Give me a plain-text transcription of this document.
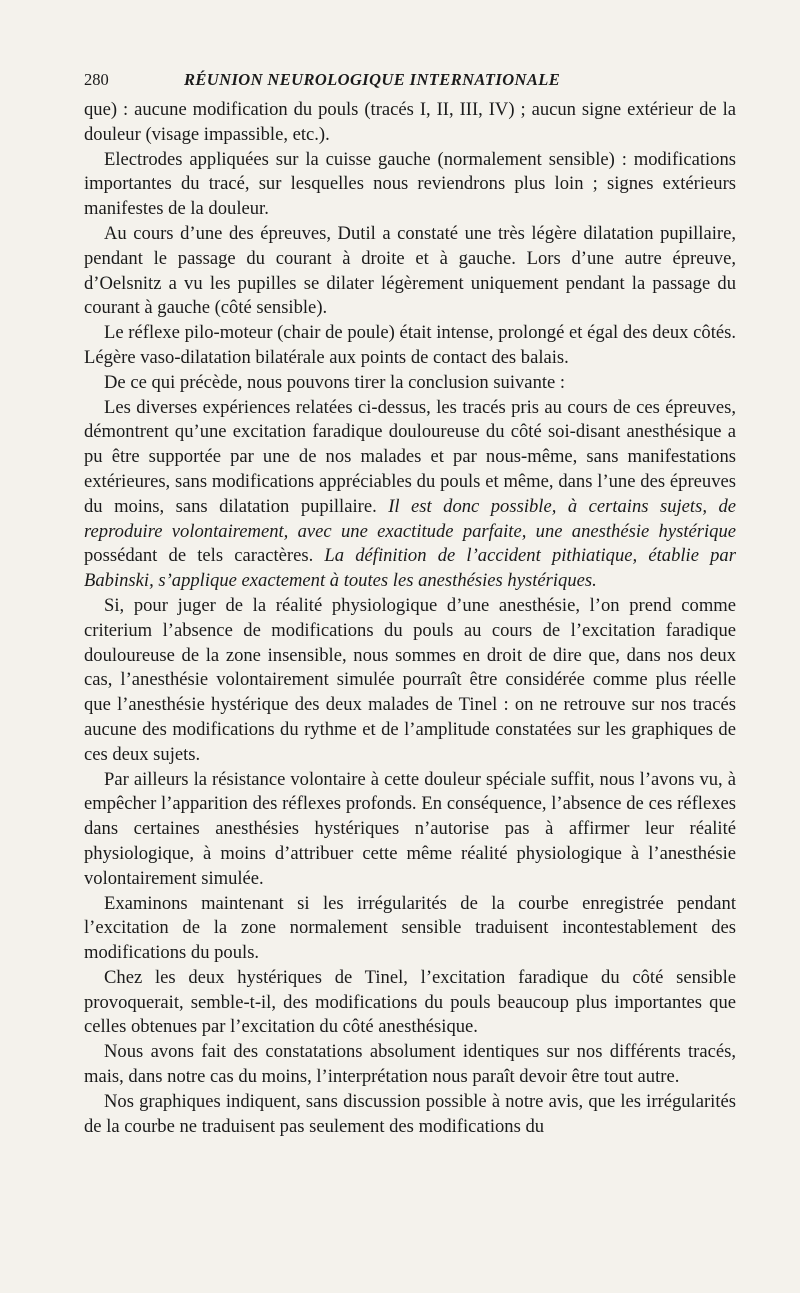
280	RÉUNION NEUROLOGIQUE INTERNATIONALE

que) : aucune modification du pouls (tracés I, II, III, IV) ; aucun signe extérieur de la douleur (visage impassible, etc.).

Electrodes appliquées sur la cuisse gauche (normalement sensible) : modifications importantes du tracé, sur lesquelles nous reviendrons plus loin ; signes extérieurs manifestes de la douleur.

Au cours d’une des épreuves, Dutil a constaté une très légère dilatation pupillaire, pendant le passage du courant à droite et à gauche. Lors d’une autre épreuve, d’Oelsnitz a vu les pupilles se dilater légèrement uniquement pendant la passage du courant à gauche (côté sensible).

Le réflexe pilo-moteur (chair de poule) était intense, prolongé et égal des deux côtés. Légère vaso-dilatation bilatérale aux points de contact des balais.

De ce qui précède, nous pouvons tirer la conclusion suivante :

Les diverses expériences relatées ci-dessus, les tracés pris au cours de ces épreuves, démontrent qu’une excitation faradique douloureuse du côté soi-disant anesthésique a pu être supportée par une de nos malades et par nous-même, sans manifestations extérieures, sans modifications appréciables du pouls et même, dans l’une des épreuves du moins, sans dilatation pupillaire. Il est donc possible, à certains sujets, de reproduire volontairement, avec une exactitude parfaite, une anesthésie hystérique possédant de tels caractères. La définition de l’accident pithiatique, établie par Babinski, s’applique exactement à toutes les anesthésies hystériques.

Si, pour juger de la réalité physiologique d’une anesthésie, l’on prend comme criterium l’absence de modifications du pouls au cours de l’excitation faradique douloureuse de la zone insensible, nous sommes en droit de dire que, dans nos deux cas, l’anesthésie volontairement simulée pourraît être considérée comme plus réelle que l’anesthésie hystérique des deux malades de Tinel : on ne retrouve sur nos tracés aucune des modifications du rythme et de l’amplitude constatées sur les graphiques de ces deux sujets.

Par ailleurs la résistance volontaire à cette douleur spéciale suffit, nous l’avons vu, à empêcher l’apparition des réflexes profonds. En conséquence, l’absence de ces réflexes dans certaines anesthésies hystériques n’autorise pas à affirmer leur réalité physiologique, à moins d’attribuer cette même réalité physiologique à l’anesthésie volontairement simulée.

Examinons maintenant si les irrégularités de la courbe enregistrée pendant l’excitation de la zone normalement sensible traduisent incontestablement des modifications du pouls.

Chez les deux hystériques de Tinel, l’excitation faradique du côté sensible provoquerait, semble-t-il, des modifications du pouls beaucoup plus importantes que celles obtenues par l’excitation du côté anesthésique.

Nous avons fait des constatations absolument identiques sur nos différents tracés, mais, dans notre cas du moins, l’interprétation nous paraît devoir être tout autre.

Nos graphiques indiquent, sans discussion possible à notre avis, que les irrégularités de la courbe ne traduisent pas seulement des modifications du
